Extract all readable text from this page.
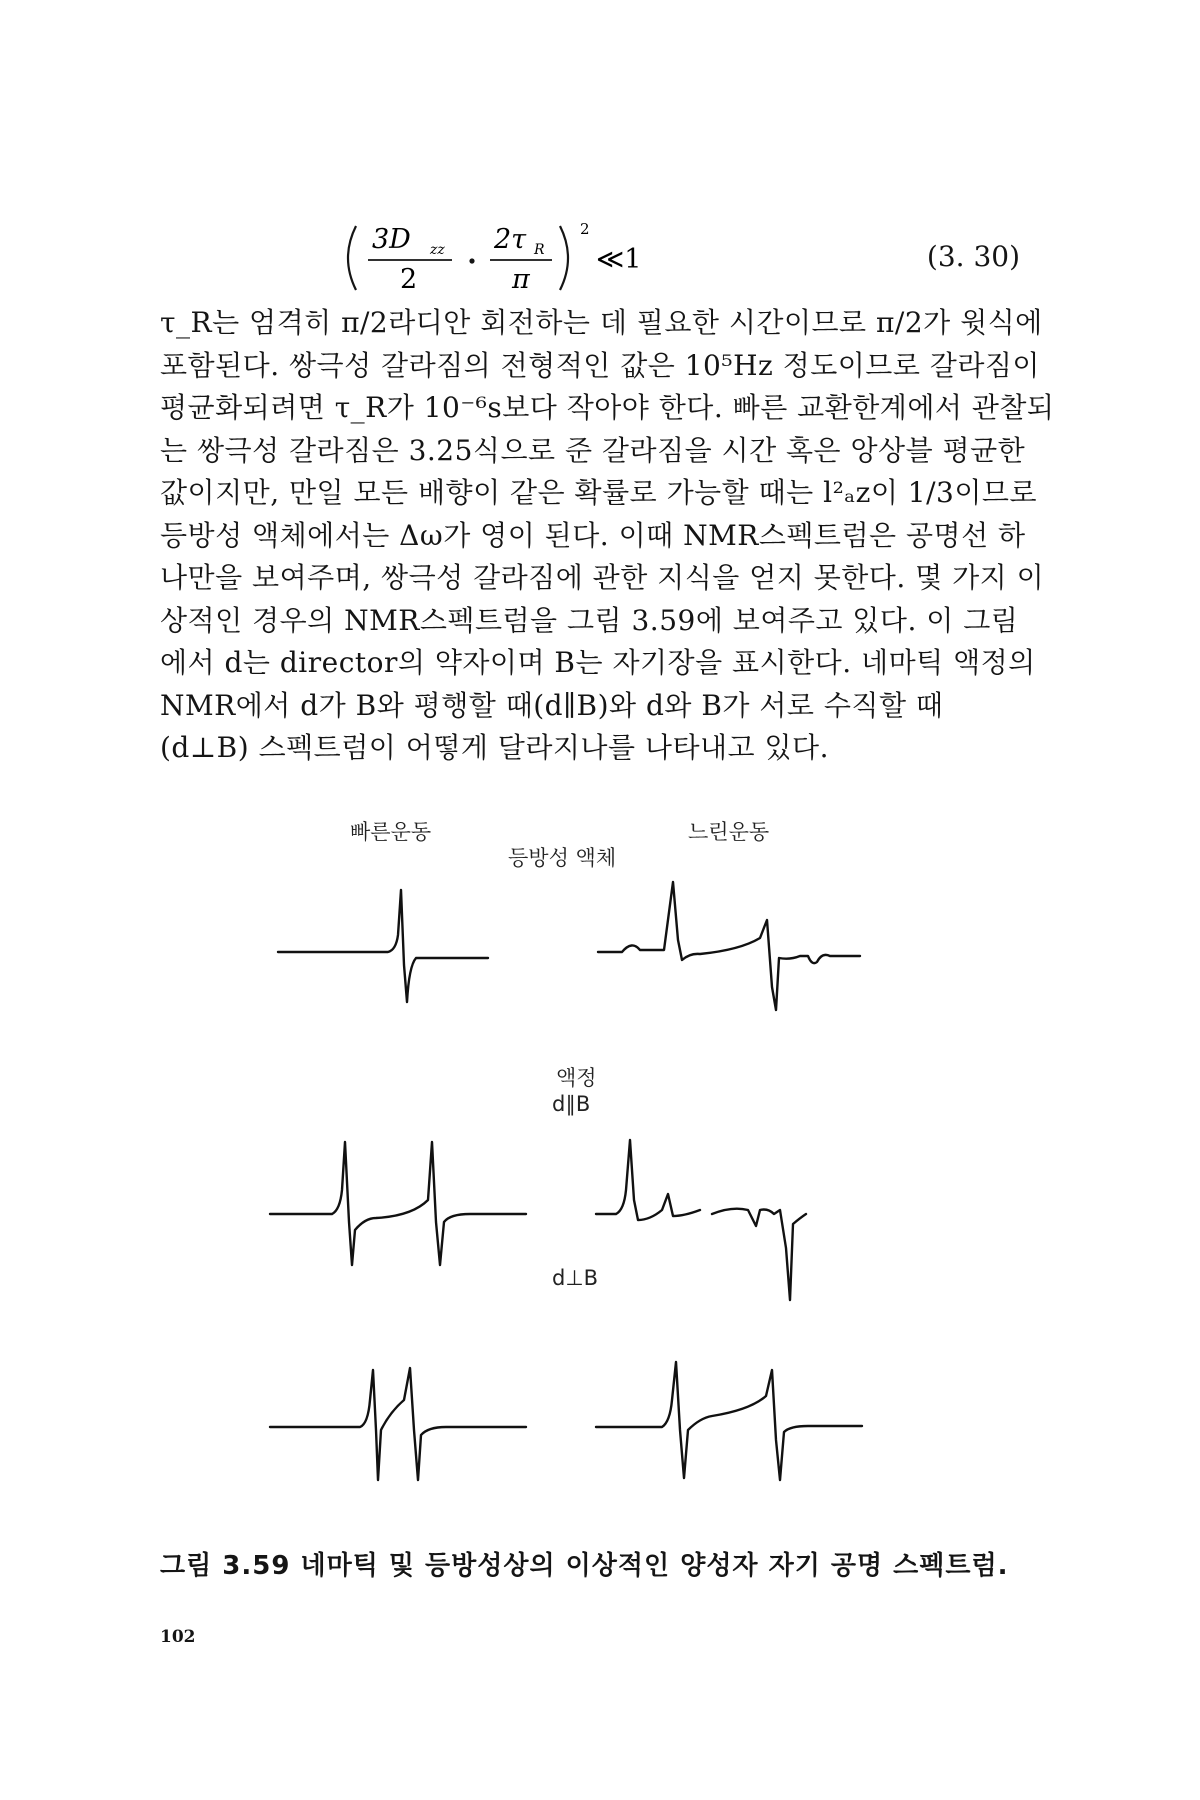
3D zz
2
2τ R
π
2
≪1	(3. 30)

τ_R는 엄격히 π/2라디안 회전하는 데 필요한 시간이므로 π/2가 윗식에
포함된다. 쌍극성 갈라짐의 전형적인 값은 10⁵Hz 정도이므로 갈라짐이
평균화되려면 τ_R가 10⁻⁶s보다 작아야 한다. 빠른 교환한계에서 관찰되
는 쌍극성 갈라짐은 3.25식으로 준 갈라짐을 시간 혹은 앙상블 평균한
값이지만, 만일 모든 배향이 같은 확률로 가능할 때는 l²ₐz이 1/3이므로
등방성 액체에서는 Δω가 영이 된다. 이때 NMR스펙트럼은 공명선 하
나만을 보여주며, 쌍극성 갈라짐에 관한 지식을 얻지 못한다. 몇 가지 이
상적인 경우의 NMR스펙트럼을 그림 3.59에 보여주고 있다. 이 그림
에서 d는 director의 약자이며 B는 자기장을 표시한다. 네마틱 액정의
NMR에서 d가 B와 평행할 때(d∥B)와 d와 B가 서로 수직할 때
(d⊥B) 스펙트럼이 어떻게 달라지나를 나타내고 있다.

빠른운동	느린운동
등방성 액체
액정
d∥B
d⊥B
그림 3.59 네마틱 및 등방성상의 이상적인 양성자 자기 공명 스펙트럼.
102
